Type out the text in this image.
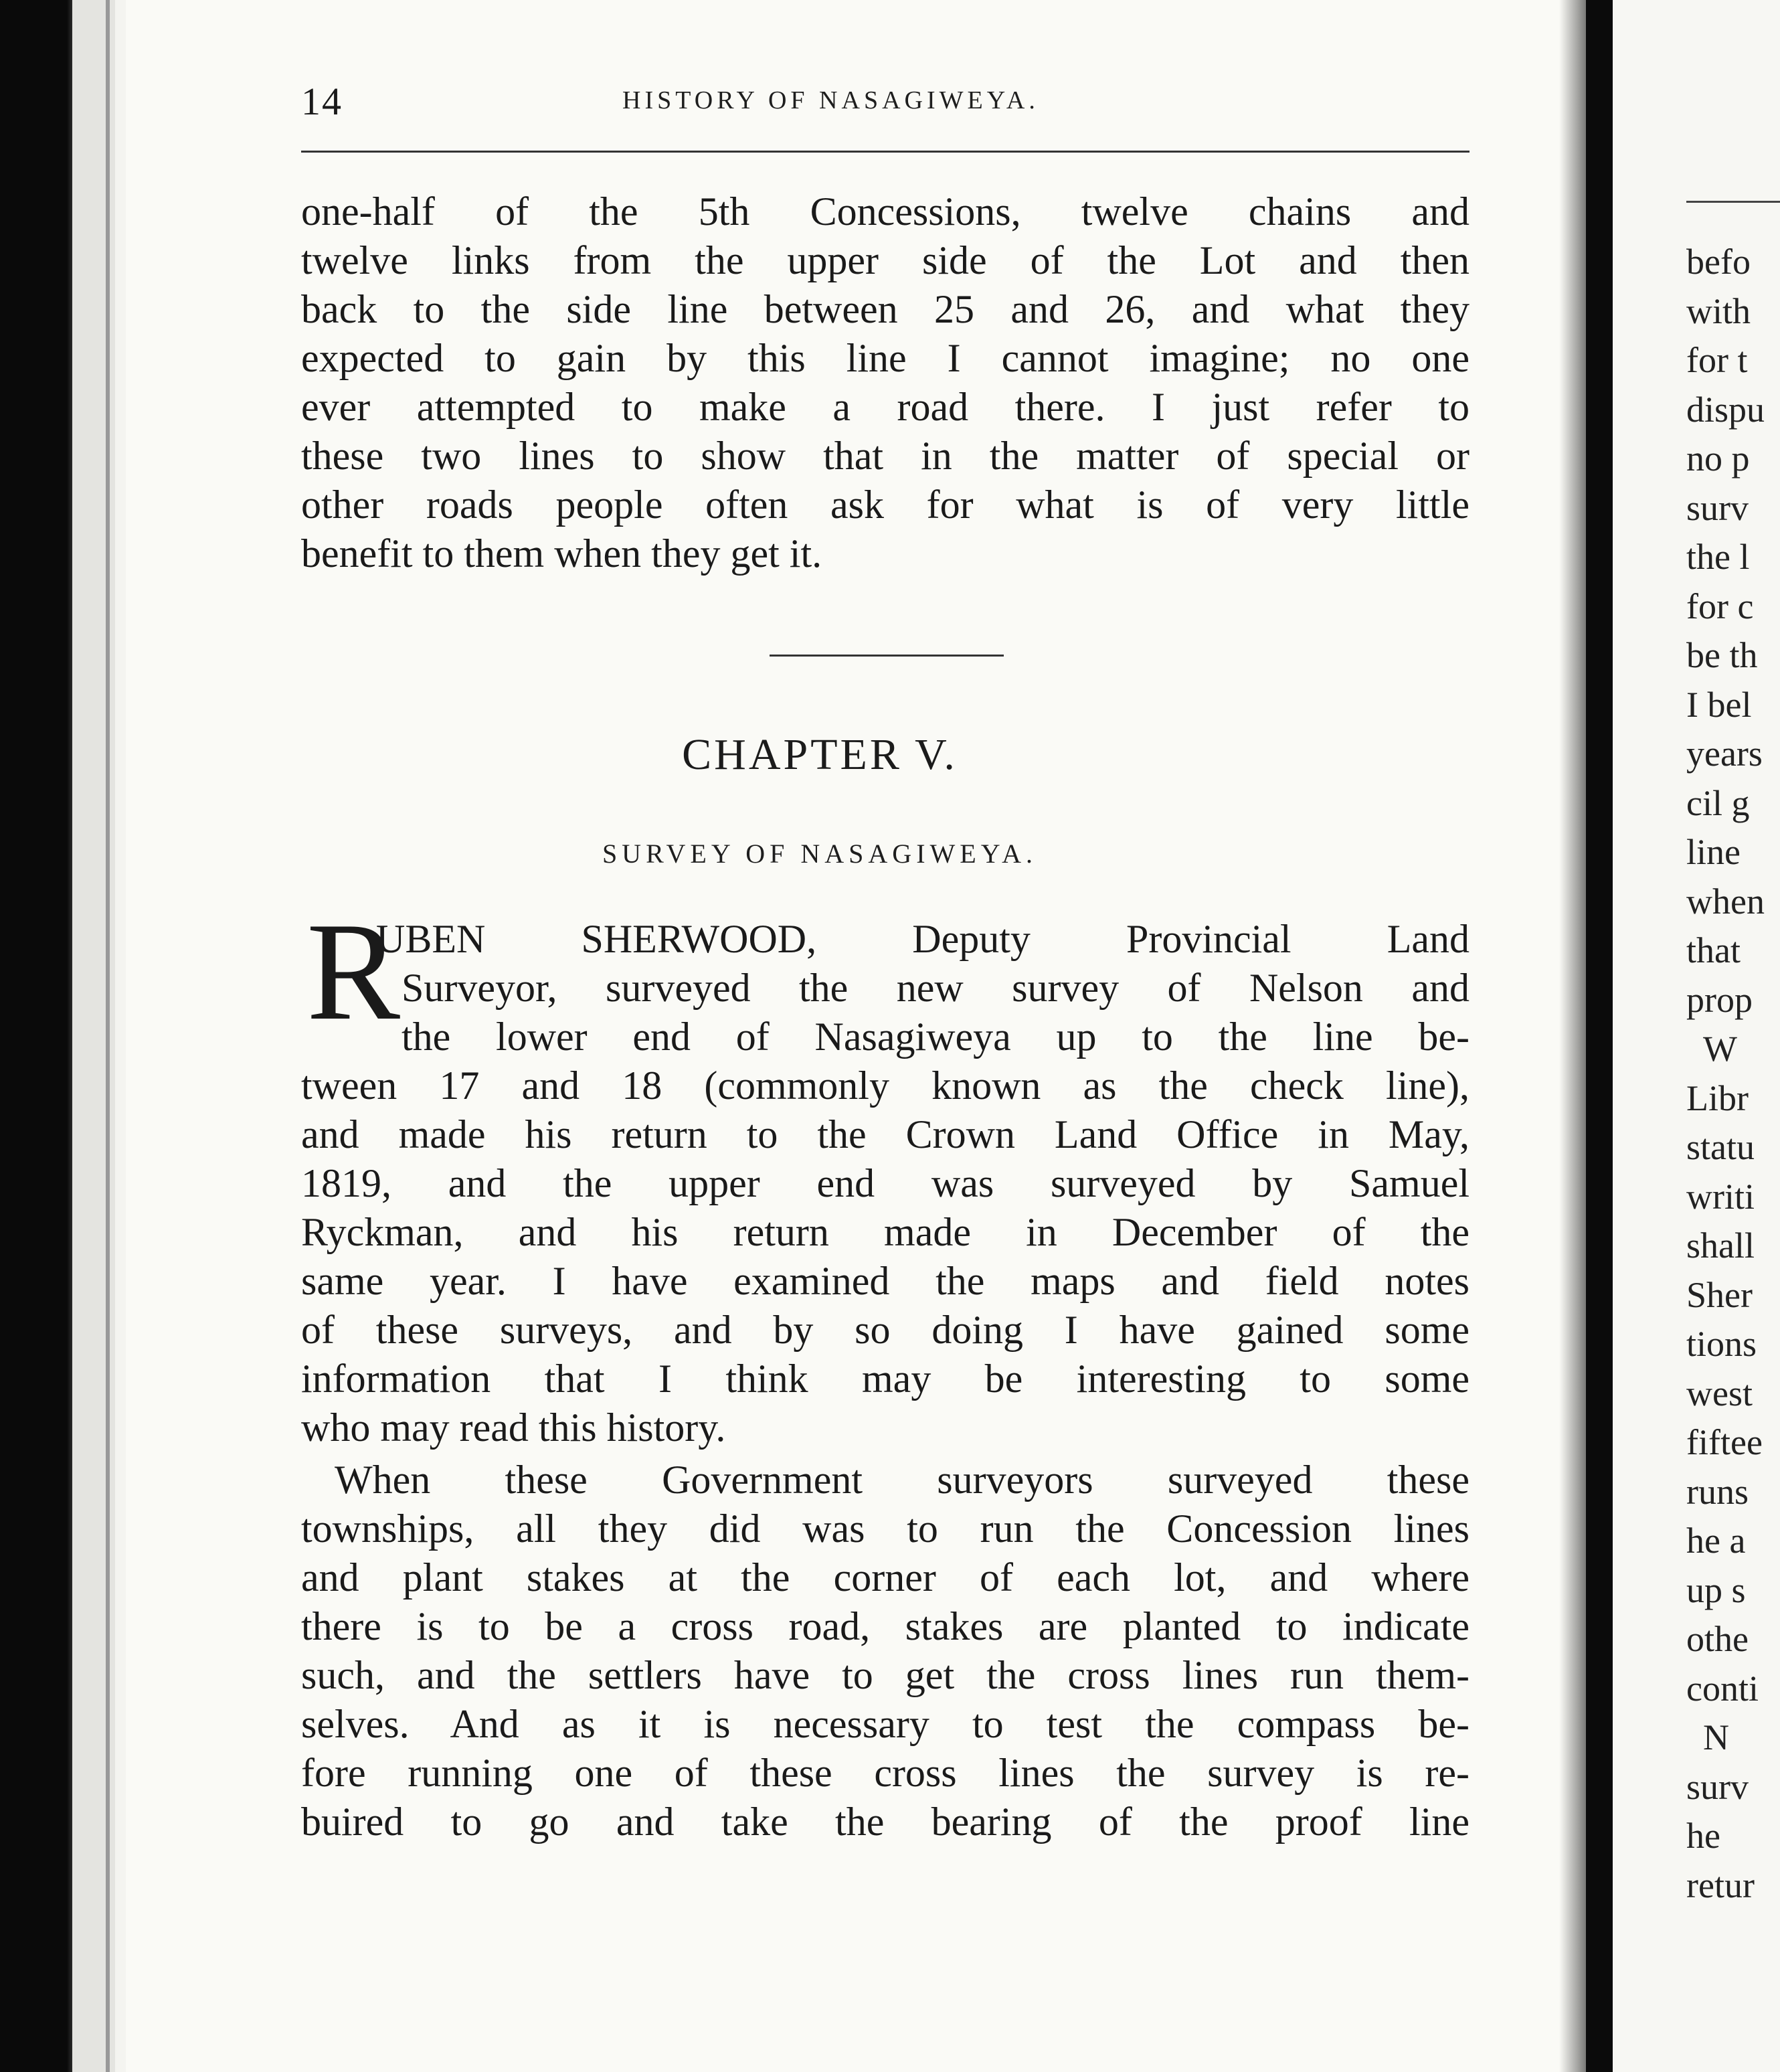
14	HISTORY OF NASAGIWEYA.
one-half of the 5th Concessions, twelve chains and
twelve links from the upper side of the Lot and then
back to the side line between 25 and 26, and what they
expected to gain by this line I cannot imagine; no one
ever attempted to make a road there. I just refer to
these two lines to show that in the matter of special or
other roads people often ask for what is of very little
benefit to them when they get it.
CHAPTER V.
SURVEY OF NASAGIWEYA.
R
UBEN SHERWOOD, Deputy Provincial Land
Surveyor, surveyed the new survey of Nelson and
the lower end of Nasagiweya up to the line be-
tween 17 and 18 (commonly known as the check line),
and made his return to the Crown Land Office in May,
1819, and the upper end was surveyed by Samuel
Ryckman, and his return made in December of the
same year. I have examined the maps and field notes
of these surveys, and by so doing I have gained some
information that I think may be interesting to some
who may read this history.
When these Government surveyors surveyed these
townships, all they did was to run the Concession lines
and plant stakes at the corner of each lot, and where
there is to be a cross road, stakes are planted to indicate
such, and the settlers have to get the cross lines run them-
selves. And as it is necessary to test the compass be-
fore running one of these cross lines the survey is re-
buired to go and take the bearing of the proof line
befo
with
for t
dispu
no p
surv
the l
for c
be th
I bel
years
cil g
line
when
that
prop
W
Libr
statu
writi
shall
Sher
tions
west
fiftee
runs
he a
up s
othe
conti
N
surv
he
retur
